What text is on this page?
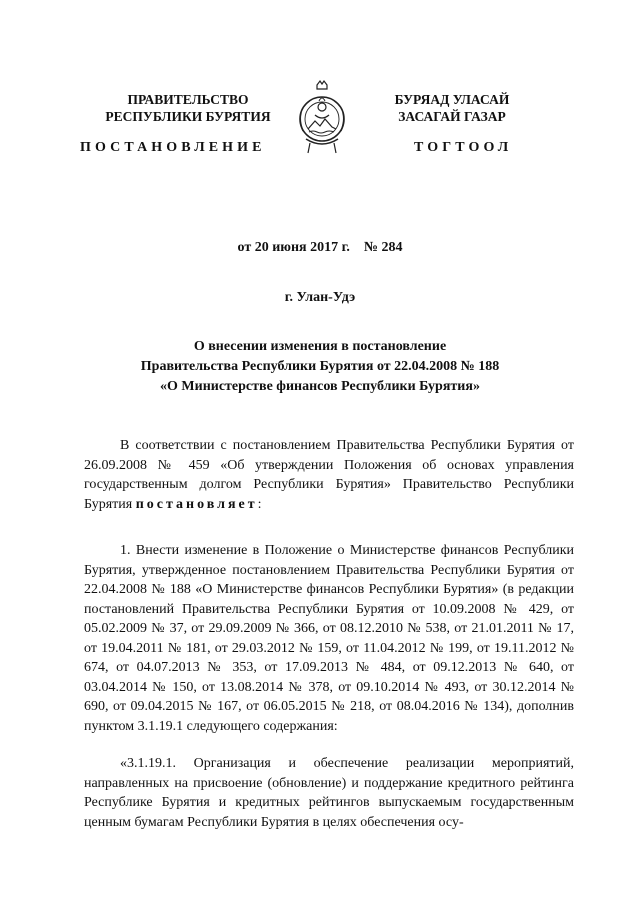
ПРАВИТЕЛЬСТВО
РЕСПУБЛИКИ БУРЯТИЯ
БУРЯАД УЛАСАЙ
ЗАСАГАЙ ГАЗАР
ПОСТАНОВЛЕНИЕ	ТОГТООЛ
от 20 июня 2017 г. № 284
г. Улан-Удэ
О внесении изменения в постановление
Правительства Республики Бурятия от 22.04.2008 № 188
«О Министерстве финансов Республики Бурятия»
В соответствии с постановлением Правительства Республики Бурятия от 26.09.2008 № 459 «Об утверждении Положения об основах управления государственным долгом Республики Бурятия» Правительство Республики Бурятия постановляет:
1. Внести изменение в Положение о Министерстве финансов Республики Бурятия, утвержденное постановлением Правительства Республики Бурятия от 22.04.2008 № 188 «О Министерстве финансов Республики Бурятия» (в редакции постановлений Правительства Республики Бурятия от 10.09.2008 № 429, от 05.02.2009 № 37, от 29.09.2009 № 366, от 08.12.2010 № 538, от 21.01.2011 № 17, от 19.04.2011 № 181, от 29.03.2012 № 159, от 11.04.2012 № 199, от 19.11.2012 № 674, от 04.07.2013 № 353, от 17.09.2013 № 484, от 09.12.2013 № 640, от 03.04.2014 № 150, от 13.08.2014 № 378, от 09.10.2014 № 493, от 30.12.2014 № 690, от 09.04.2015 № 167, от 06.05.2015 № 218, от 08.04.2016 № 134), дополнив пунктом 3.1.19.1 следующего содержания:
«3.1.19.1. Организация и обеспечение реализации мероприятий, направленных на присвоение (обновление) и поддержание кредитного рейтинга Республике Бурятия и кредитных рейтингов выпускаемым государственным ценным бумагам Республики Бурятия в целях обеспечения осу-
